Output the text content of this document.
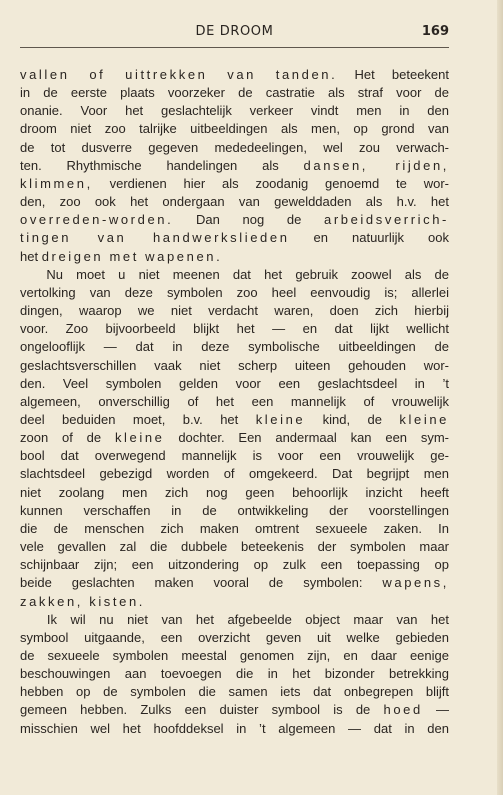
DE DROOM	169
vallen of uittrekken van tanden. Het beteekent
in de eerste plaats voorzeker de castratie als straf voor de
onanie. Voor het geslachtelijk verkeer vindt men in den
droom niet zoo talrijke uitbeeldingen als men, op grond van
de tot dusverre gegeven mededeelingen, wel zou verwach-
ten. Rhythmische handelingen als dansen, rijden,
klimmen, verdienen hier als zoodanig genoemd te wor-
den, zoo ook het ondergaan van gewelddaden als h.v. het
overreden-worden. Dan nog de arbeidsverrich-
tingen van handwerkslieden en natuurlijk ook
het dreigen met wapenen.
Nu moet u niet meenen dat het gebruik zoowel als de
vertolking van deze symbolen zoo heel eenvoudig is; allerlei
dingen, waarop we niet verdacht waren, doen zich hierbij
voor. Zoo bijvoorbeeld blijkt het — en dat lijkt wellicht
ongelooflijk — dat in deze symbolische uitbeeldingen de
geslachtsverschillen vaak niet scherp uiteen gehouden wor-
den. Veel symbolen gelden voor een geslachtsdeel in ’t
algemeen, onverschillig of het een mannelijk of vrouwelijk
deel beduiden moet, b.v. het kleine kind, de kleine
zoon of de kleine dochter. Een andermaal kan een sym-
bool dat overwegend mannelijk is voor een vrouwelijk ge-
slachtsdeel gebezigd worden of omgekeerd. Dat begrijpt men
niet zoolang men zich nog geen behoorlijk inzicht heeft
kunnen verschaffen in de ontwikkeling der voorstellingen
die de menschen zich maken omtrent sexueele zaken. In
vele gevallen zal die dubbele beteekenis der symbolen maar
schijnbaar zijn; een uitzondering op zulk een toepassing op
beide geslachten maken vooral de symbolen: wapens,
zakken, kisten.
Ik wil nu niet van het afgebeelde object maar van het
symbool uitgaande, een overzicht geven uit welke gebieden
de sexueele symbolen meestal genomen zijn, en daar eenige
beschouwingen aan toevoegen die in het bizonder betrekking
hebben op de symbolen die samen iets dat onbegrepen blijft
gemeen hebben. Zulks een duister symbool is de hoed —
misschien wel het hoofddeksel in ’t algemeen — dat in den
